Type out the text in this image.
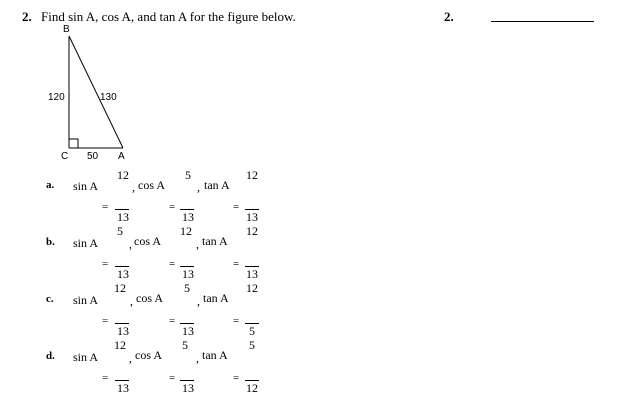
2. Find sin A, cos A, and tan A for the figure below.	2.
B
C	A
120	130
50
a. sin A
12
, cos A
5
, tan A
12
=
13
=
13
=
13
b. sin A
5
, cos A
12
, tan A
12
=
13
=
13
=
13
c. sin A
12
, cos A
5
, tan A
12
=
13
=
13
=
5
d. sin A
12
, cos A
5
, tan A
5
=
13
=
13
=
12
